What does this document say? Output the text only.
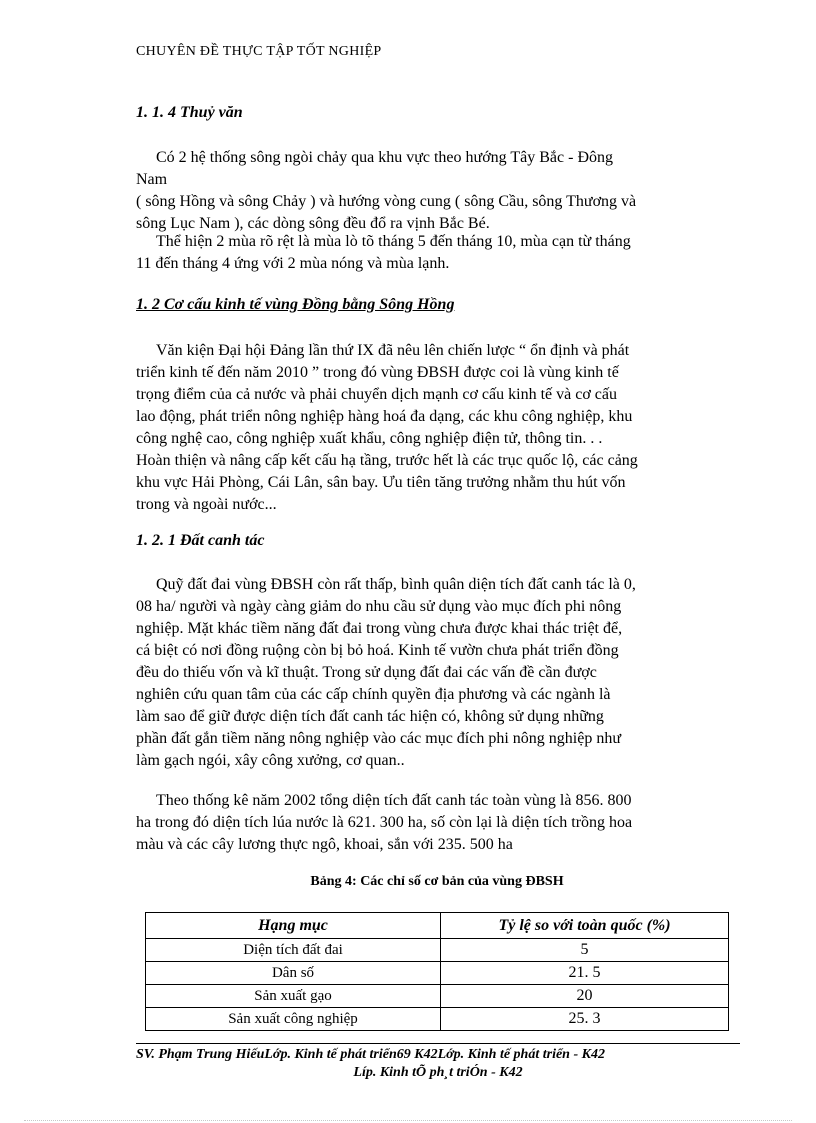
CHUYÊN ĐỀ THỰC TẬP TỐT NGHIỆP
1. 1. 4 Thuỷ văn
Có 2 hệ thống sông ngòi chảy qua khu vực theo hướng Tây Bắc - Đông
Nam
( sông Hồng và sông Chảy ) và hướng vòng cung ( sông Cầu, sông Thương và
sông Lục Nam ), các dòng sông đều đổ ra vịnh Bắc Bé.
Thể hiện 2 mùa rõ rệt là mùa lò tõ tháng 5 đến tháng 10, mùa cạn từ tháng
11 đến tháng 4 ứng với 2 mùa nóng và mùa lạnh.
1. 2 Cơ cấu kinh tế vùng Đồng bằng Sông Hồng
Văn kiện Đại hội Đảng lần thứ IX đã nêu lên chiến lược “ ổn định và phát
triển kinh tế đến năm 2010 ” trong đó vùng ĐBSH được coi là vùng kinh tế
trọng điểm của cả nước và phải chuyển dịch mạnh cơ cấu kinh tế và cơ cấu
lao động, phát triển nông nghiệp hàng hoá đa dạng, các khu công nghiệp, khu
công nghệ cao, công nghiệp xuất khẩu, công nghiệp điện tử, thông tin. . .
Hoàn thiện và nâng cấp kết cấu hạ tầng, trước hết là các trục quốc lộ, các cảng
khu vực Hải Phòng, Cái Lân, sân bay. Ưu tiên tăng trưởng nhằm thu hút vốn
trong và ngoài nước...
1. 2. 1 Đất canh tác
Quỹ đất đai vùng ĐBSH còn rất thấp, bình quân diện tích đất canh tác là 0,
08 ha/ người và ngày càng giảm do nhu cầu sử dụng vào mục đích phi nông
nghiệp. Mặt khác tiềm năng đất đai trong vùng chưa được khai thác triệt để,
cá biệt có nơi đồng ruộng còn bị bỏ hoá. Kinh tế vườn chưa phát triển đồng
đều do thiếu vốn và kĩ thuật. Trong sử dụng đất đai các vấn đề cần được
nghiên cứu quan tâm của các cấp chính quyền địa phương và các ngành là
làm sao để giữ được diện tích đất canh tác hiện có, không sử dụng những
phần đất gắn tiềm năng nông nghiệp vào các mục đích phi nông nghiệp như
làm gạch ngói, xây công xưởng, cơ quan..
Theo thống kê năm 2002 tổng diện tích đất canh tác toàn vùng là 856. 800
ha trong đó diện tích lúa nước là 621. 300 ha, số còn lại là diện tích trồng hoa
màu và các cây lương thực ngô, khoai, sắn với 235. 500 ha
Bảng 4: Các chỉ số cơ bản của vùng ĐBSH
Hạng mục	Tỷ lệ so với toàn quốc (%)
Diện tích đất đai	5
Dân số	21. 5
Sản xuất gạo	20
Sản xuất công nghiệp	25. 3
SV. Phạm Trung HiếuLớp. Kinh tế phát triển69 K42Lớp. Kinh tế phát triển - K42
Líp. Kinh tÕ ph¸t triÓn - K42
